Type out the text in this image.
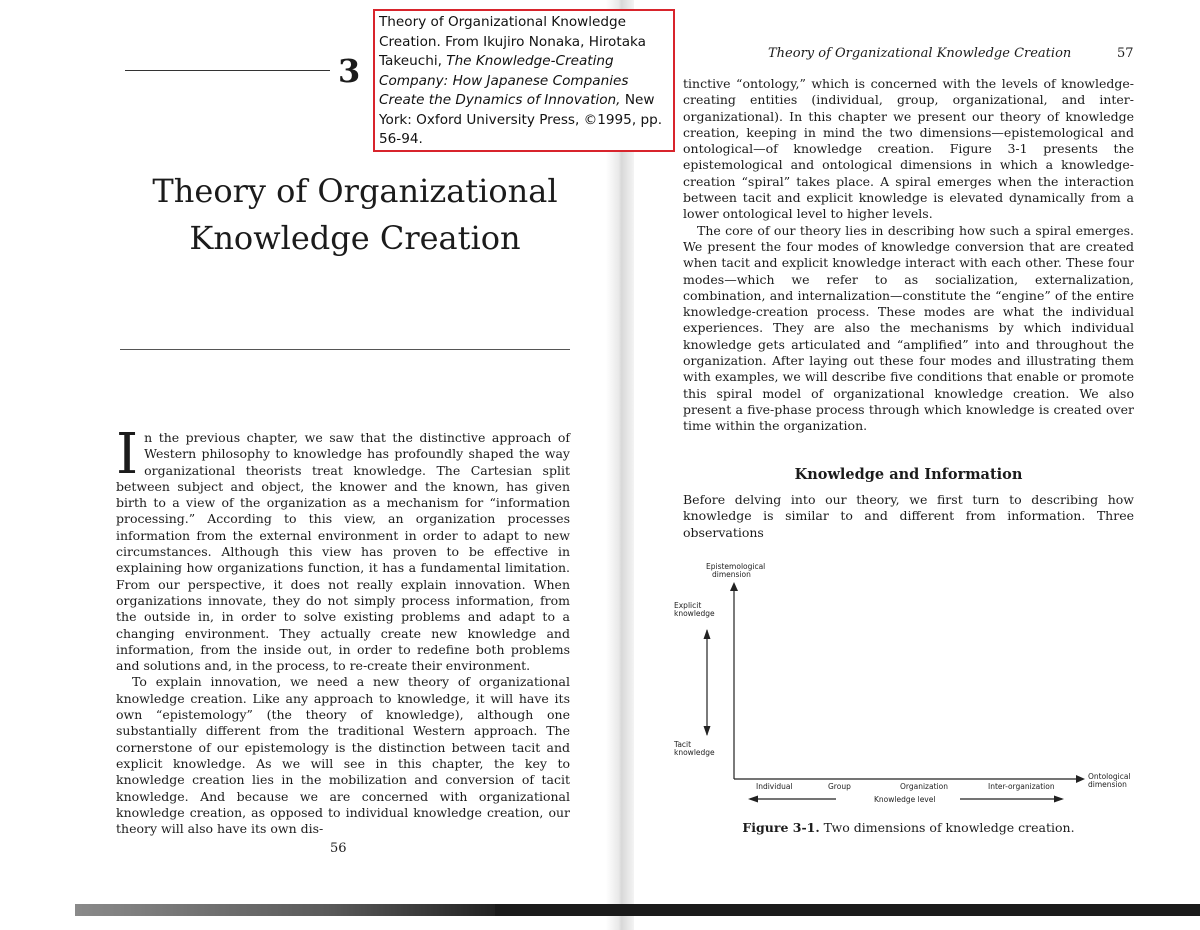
Theory of Organizational Knowledge Creation. From Ikujiro Nonaka, Hirotaka Takeuchi, The Knowledge-Creating Company: How Japanese Companies Create the Dynamics of Innovation, New York: Oxford University Press, ©1995, pp. 56-94.
3
Theory of Organizational
Knowledge Creation

In the previous chapter, we saw that the distinctive approach of Western philosophy to knowledge has profoundly shaped the way organizational theorists treat knowledge. The Cartesian split between subject and object, the knower and the known, has given birth to a view of the organization as a mechanism for “information processing.” According to this view, an organization processes information from the external environment in order to adapt to new circumstances. Although this view has proven to be effective in explaining how organizations function, it has a fundamental limitation. From our perspective, it does not really explain innovation. When organizations innovate, they do not simply process information, from the outside in, in order to solve existing problems and adapt to a changing environment. They actually create new knowledge and information, from the inside out, in order to redefine both problems and solutions and, in the process, to re-create their environment.

To explain innovation, we need a new theory of organizational knowledge creation. Like any approach to knowledge, it will have its own “epistemology” (the theory of knowledge), although one substantially different from the traditional Western approach. The cornerstone of our epistemology is the distinction between tacit and explicit knowledge. As we will see in this chapter, the key to knowledge creation lies in the mobilization and conversion of tacit knowledge. And because we are concerned with organizational knowledge creation, as opposed to individual knowledge creation, our theory will also have its own dis-

56
Theory of Organizational Knowledge Creation	57

tinctive “ontology,” which is concerned with the levels of knowledge-creating entities (individual, group, organizational, and inter-organizational). In this chapter we present our theory of knowledge creation, keeping in mind the two dimensions—epistemological and ontological—of knowledge creation. Figure 3-1 presents the epistemological and ontological dimensions in which a knowledge-creation “spiral” takes place. A spiral emerges when the interaction between tacit and explicit knowledge is elevated dynamically from a lower ontological level to higher levels.

The core of our theory lies in describing how such a spiral emerges. We present the four modes of knowledge conversion that are created when tacit and explicit knowledge interact with each other. These four modes—which we refer to as socialization, externalization, combination, and internalization—constitute the “engine” of the entire knowledge-creation process. These modes are what the individual experiences. They are also the mechanisms by which individual knowledge gets articulated and “amplified” into and throughout the organization. After laying out these four modes and illustrating them with examples, we will describe five conditions that enable or promote this spiral model of organizational knowledge creation. We also present a five-phase process through which knowledge is created over time within the organization.

Knowledge and Information

Before delving into our theory, we first turn to describing how knowledge is similar to and different from information. Three observations

Epistemological
dimension
Explicit
knowledge
Tacit
knowledge
Ontological
dimension
Individual	Group	Organization	Inter-organization
Knowledge level
Figure 3-1. Two dimensions of knowledge creation.
